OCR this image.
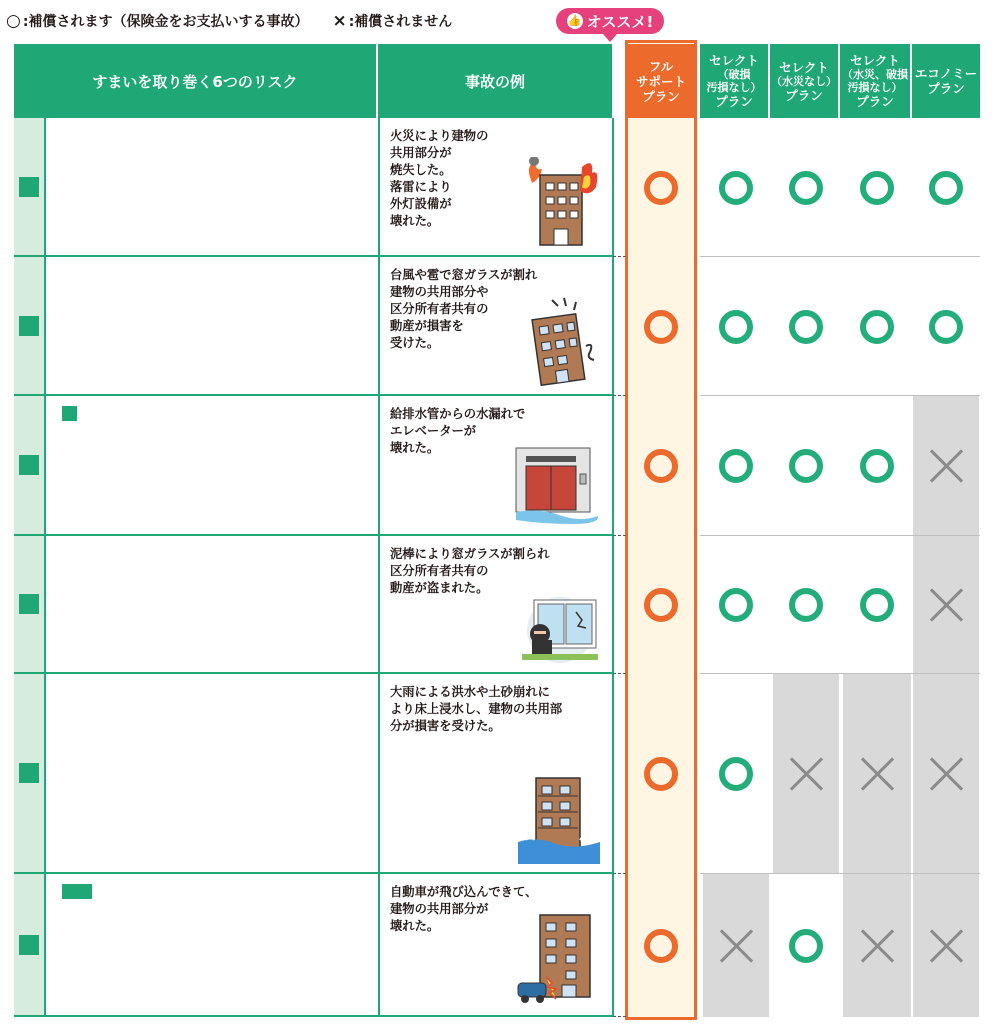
○ :補償されます（保険金をお支払いする事故） × :補償されません	👍 オススメ!
すまいを取り巻く6つのリスク	事故の例
フル
サポート
プラン
セレクト
（破損
汚損なし）
プラン
セレクト
（水災なし）
プラン
セレクト
（水災、破損
汚損なし）
プラン
エコノミー
プラン
火災により建物の
共用部分が
焼失した。
落雷により
外灯設備が
壊れた。
台風や雹で窓ガラスが割れ
建物の共用部分や
区分所有者共有の
動産が損害を
受けた。
給排水管からの水漏れで
エレベーターが
壊れた。
泥棒により窓ガラスが割られ
区分所有者共有の
動産が盗まれた。
大雨による洪水や土砂崩れに
より床上浸水し、建物の共用部
分が損害を受けた。
自動車が飛び込んできて、
建物の共用部分が
壊れた。
